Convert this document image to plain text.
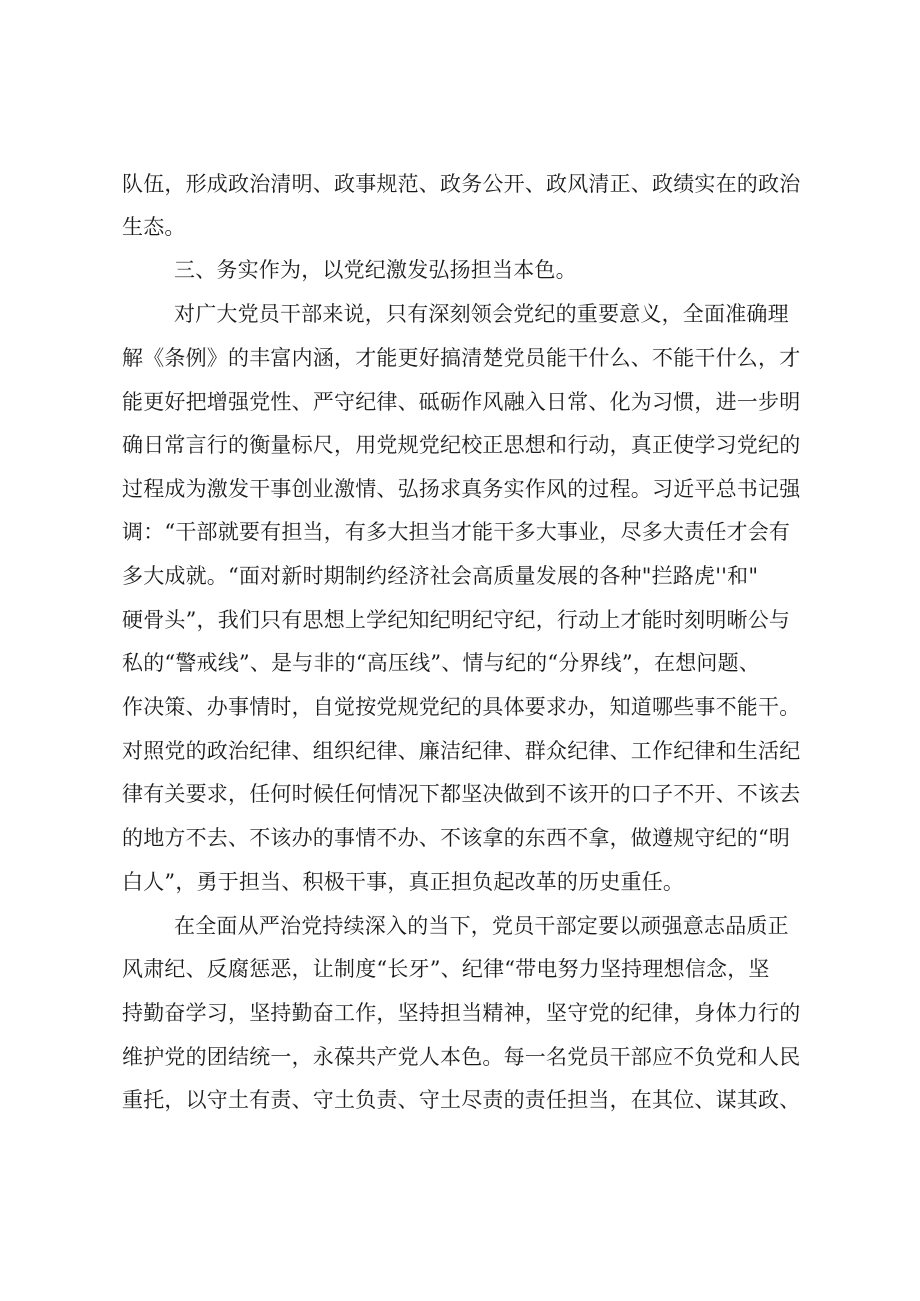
队伍，形成政治清明、政事规范、政务公开、政风清正、政绩实在的政治
生态。
三、务实作为，以党纪激发弘扬担当本色。
对广大党员干部来说，只有深刻领会党纪的重要意义，全面准确理
解《条例》的丰富内涵，才能更好搞清楚党员能干什么、不能干什么，才
能更好把增强党性、严守纪律、砥砺作风融入日常、化为习惯，进一步明
确日常言行的衡量标尺，用党规党纪校正思想和行动，真正使学习党纪的
过程成为激发干事创业激情、弘扬求真务实作风的过程。习近平总书记强
调：“干部就要有担当，有多大担当才能干多大事业，尽多大责任才会有
多大成就。“面对新时期制约经济社会高质量发展的各种"拦路虎''和"
硬骨头”，我们只有思想上学纪知纪明纪守纪，行动上才能时刻明晰公与
私的“警戒线”、是与非的“高压线”、情与纪的“分界线”，在想问题、
作决策、办事情时，自觉按党规党纪的具体要求办，知道哪些事不能干。
对照党的政治纪律、组织纪律、廉洁纪律、群众纪律、工作纪律和生活纪
律有关要求，任何时候任何情况下都坚决做到不该开的口子不开、不该去
的地方不去、不该办的事情不办、不该拿的东西不拿，做遵规守纪的“明
白人”，勇于担当、积极干事，真正担负起改革的历史重任。
在全面从严治党持续深入的当下，党员干部定要以顽强意志品质正
风肃纪、反腐惩恶，让制度“长牙”、纪律“带电努力坚持理想信念，坚
持勤奋学习，坚持勤奋工作，坚持担当精神，坚守党的纪律，身体力行的
维护党的团结统一，永葆共产党人本色。每一名党员干部应不负党和人民
重托，以守土有责、守土负责、守土尽责的责任担当，在其位、谋其政、
